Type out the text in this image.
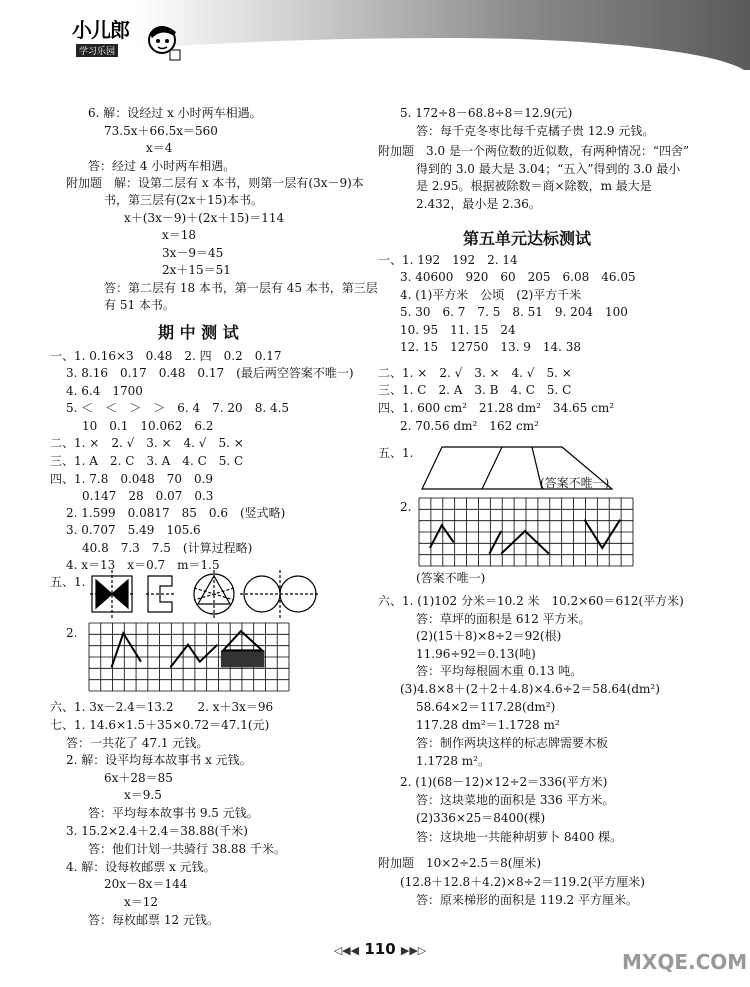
小儿郎
学习乐园
期 中 测 试
第五单元达标测试
◁◀◀ 110 ▶▶▷	MXQE.COM
6. 解：设经过 x 小时两车相遇。
73.5x＋66.5x＝560
x＝4
答：经过 4 小时两车相遇。
附加题　解：设第二层有 x 本书，则第一层有(3x－9)本
书，第三层有(2x＋15)本书。
x＋(3x－9)＋(2x＋15)＝114
x＝18
3x－9＝45
2x＋15＝51
答：第二层有 18 本书，第一层有 45 本书，第三层
有 51 本书。
一、1. 0.16×3　0.48　2. 四　0.2　0.17
3. 8.16　0.17　0.48　0.17　(最后两空答案不唯一)
4. 6.4　1700
5. ＜　＜　＞　＞　6. 4　7. 20　8. 4.5
10　0.1　10.062　6.2
二、1. ×　2. √　3. ×　4. √　5. ×
三、1. A　2. C　3. A　4. C　5. C
四、1. 7.8　0.048　70　0.9
0.147　28　0.07　0.3
2. 1.599　0.0817　85　0.6　(竖式略)
3. 0.707　5.49　105.6
40.8　7.3　7.5　(计算过程略)
4. x＝13　x＝0.7　m＝1.5
五、1.
2.
六、1. 3x－2.4＝13.2　　2. x＋3x＝96
七、1. 14.6×1.5＋35×0.72＝47.1(元)
答：一共花了 47.1 元钱。
2. 解：设平均每本故事书 x 元钱。
6x＋28＝85
x＝9.5
答：平均每本故事书 9.5 元钱。
3. 15.2×2.4＋2.4＝38.88(千米)
答：他们计划一共骑行 38.88 千米。
4. 解：设每枚邮票 x 元钱。
20x－8x＝144
x＝12
答：每枚邮票 12 元钱。
5. 172÷8－68.8÷8＝12.9(元)
答：每千克冬枣比每千克橘子贵 12.9 元钱。
附加题　3.0 是一个两位数的近似数，有两种情况：“四舍”
得到的 3.0 最大是 3.04；“五入”得到的 3.0 最小
是 2.95。根据被除数＝商×除数，m 最大是
2.432，最小是 2.36。
一、1. 192　192　2. 14
3. 40600　920　60　205　6.08　46.05
4. (1)平方米　公顷　(2)平方千米
5. 30　6. 7　7. 5　8. 51　9. 204　100
10. 95　11. 15　24
12. 15　12750　13. 9　14. 38
二、1. ×　2. √　3. ×　4. √　5. ×
三、1. C　2. A　3. B　4. C　5. C
四、1. 600 cm²　21.28 dm²　34.65 cm²
2. 70.56 dm²　162 cm²
五、1.
(答案不唯一)
2.
(答案不唯一)
六、1. (1)102 分米＝10.2 米　10.2×60＝612(平方米)
答：草坪的面积是 612 平方米。
(2)(15＋8)×8÷2＝92(根)
11.96÷92＝0.13(吨)
答：平均每根圆木重 0.13 吨。
(3)4.8×8＋(2＋2＋4.8)×4.6÷2＝58.64(dm²)
58.64×2＝117.28(dm²)
117.28 dm²＝1.1728 m²
答：制作两块这样的标志牌需要木板
1.1728 m²。
2. (1)(68－12)×12÷2＝336(平方米)
答：这块菜地的面积是 336 平方米。
(2)336×25＝8400(棵)
答：这块地一共能种胡萝卜 8400 棵。
附加题　10×2÷2.5＝8(厘米)
(12.8＋12.8＋4.2)×8÷2＝119.2(平方厘米)
答：原来梯形的面积是 119.2 平方厘米。
